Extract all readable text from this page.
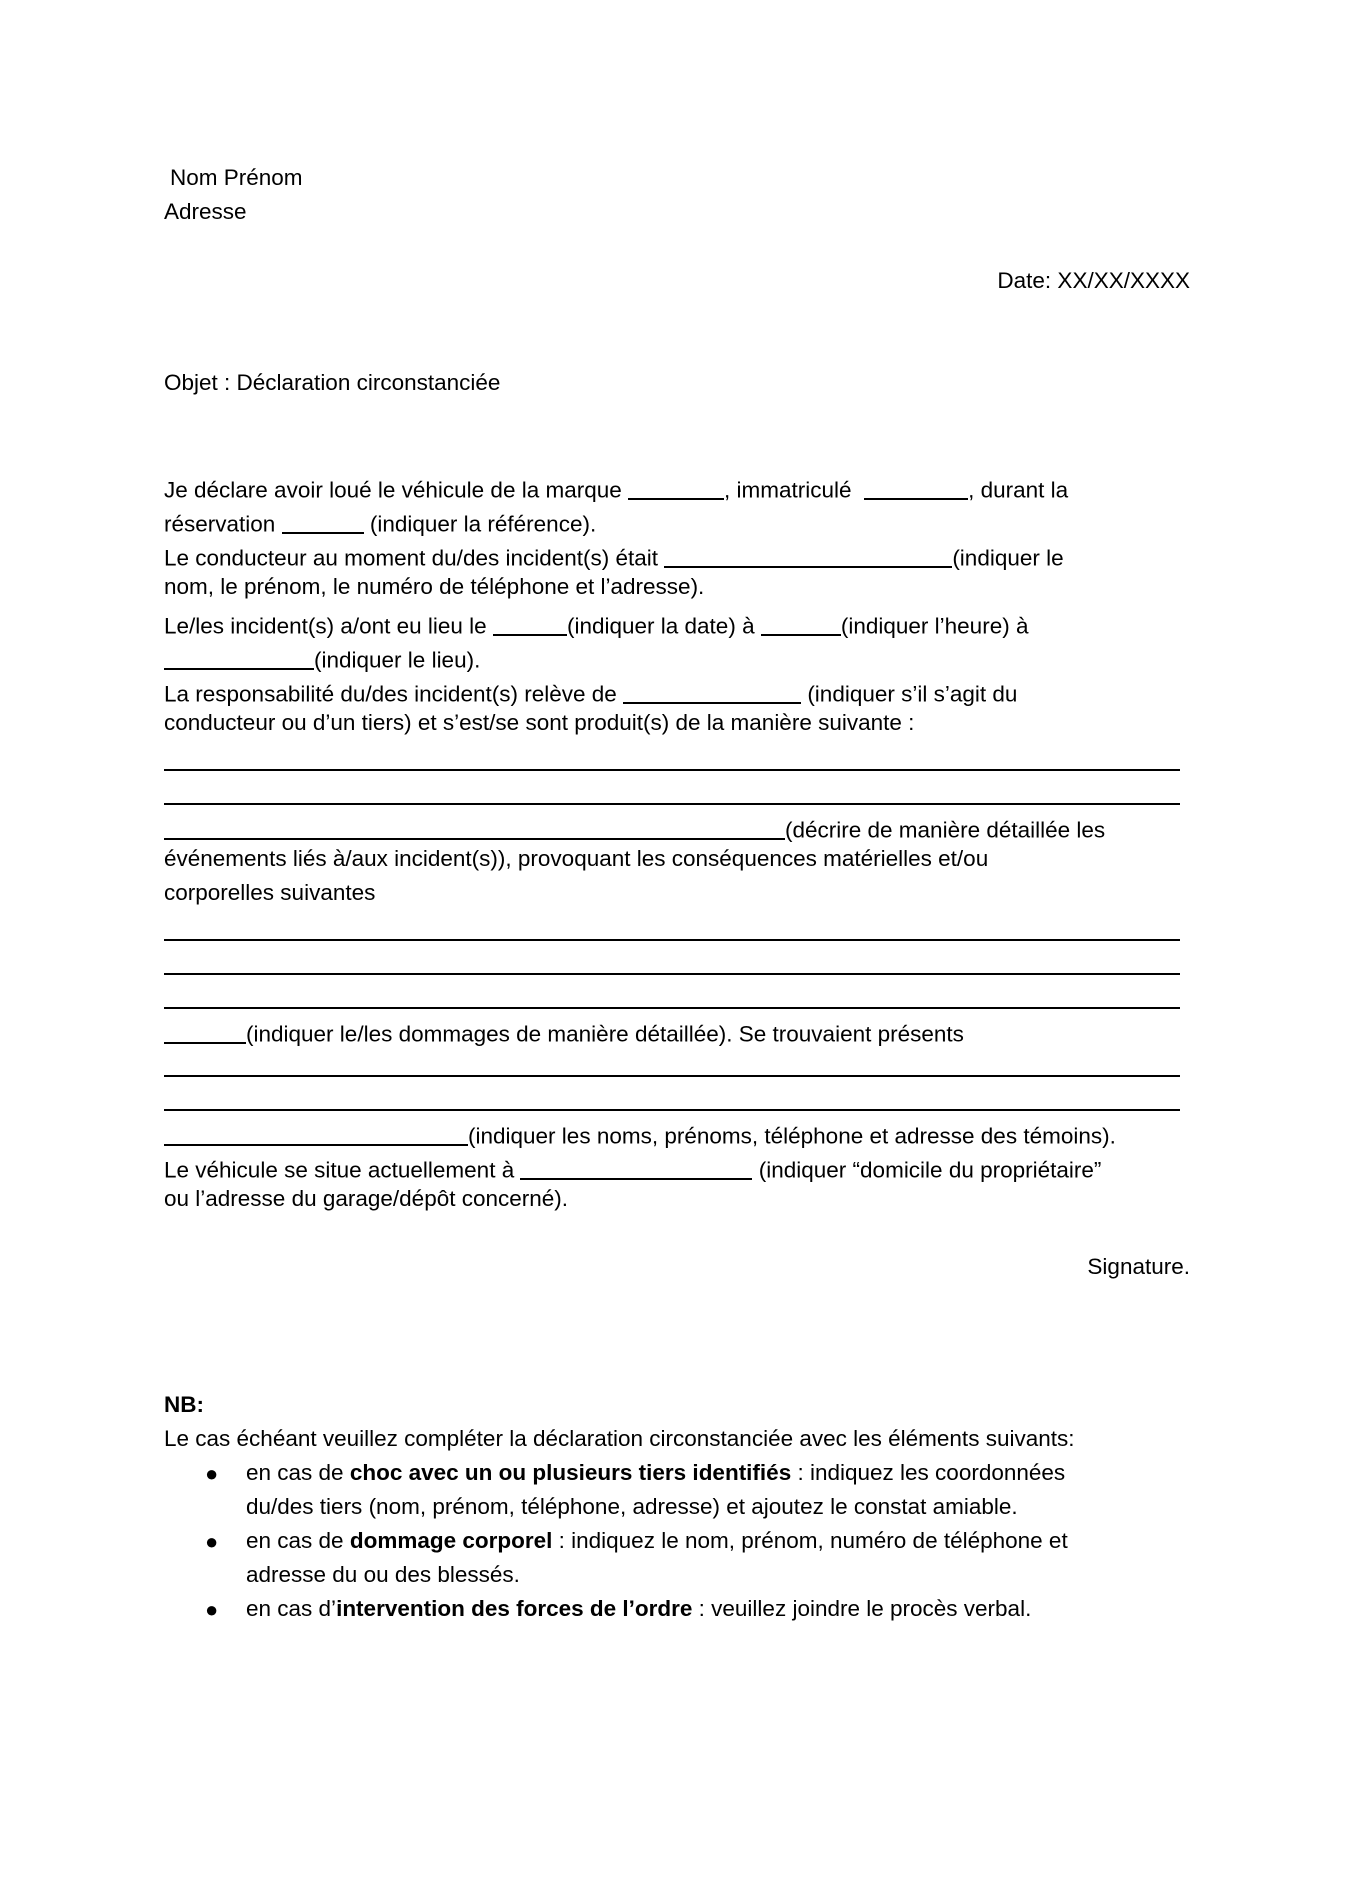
Nom Prénom
Adresse
Date: XX/XX/XXXX
Objet : Déclaration circonstanciée
Je déclare avoir loué le véhicule de la marque	, immatriculé	, durant la
réservation	(indiquer la référence).
Le conducteur au moment du/des incident(s) était	(indiquer le
nom, le prénom, le numéro de téléphone et l’adresse).
Le/les incident(s) a/ont eu lieu le	(indiquer la date) à	(indiquer l’heure) à
(indiquer le lieu).
La responsabilité du/des incident(s) relève de	(indiquer s’il s’agit du
conducteur ou d’un tiers) et s’est/se sont produit(s) de la manière suivante :
(décrire de manière détaillée les
événements liés à/aux incident(s)), provoquant les conséquences matérielles et/ou
corporelles suivantes
(indiquer le/les dommages de manière détaillée). Se trouvaient présents
(indiquer les noms, prénoms, téléphone et adresse des témoins).
Le véhicule se situe actuellement à	(indiquer “domicile du propriétaire”
ou l’adresse du garage/dépôt concerné).
Signature.
NB:
Le cas échéant veuillez compléter la déclaration circonstanciée avec les éléments suivants:
● en cas de choc avec un ou plusieurs tiers identifiés : indiquez les coordonnées
du/des tiers (nom, prénom, téléphone, adresse) et ajoutez le constat amiable.
● en cas de dommage corporel : indiquez le nom, prénom, numéro de téléphone et
adresse du ou des blessés.
● en cas d’intervention des forces de l’ordre : veuillez joindre le procès verbal.
